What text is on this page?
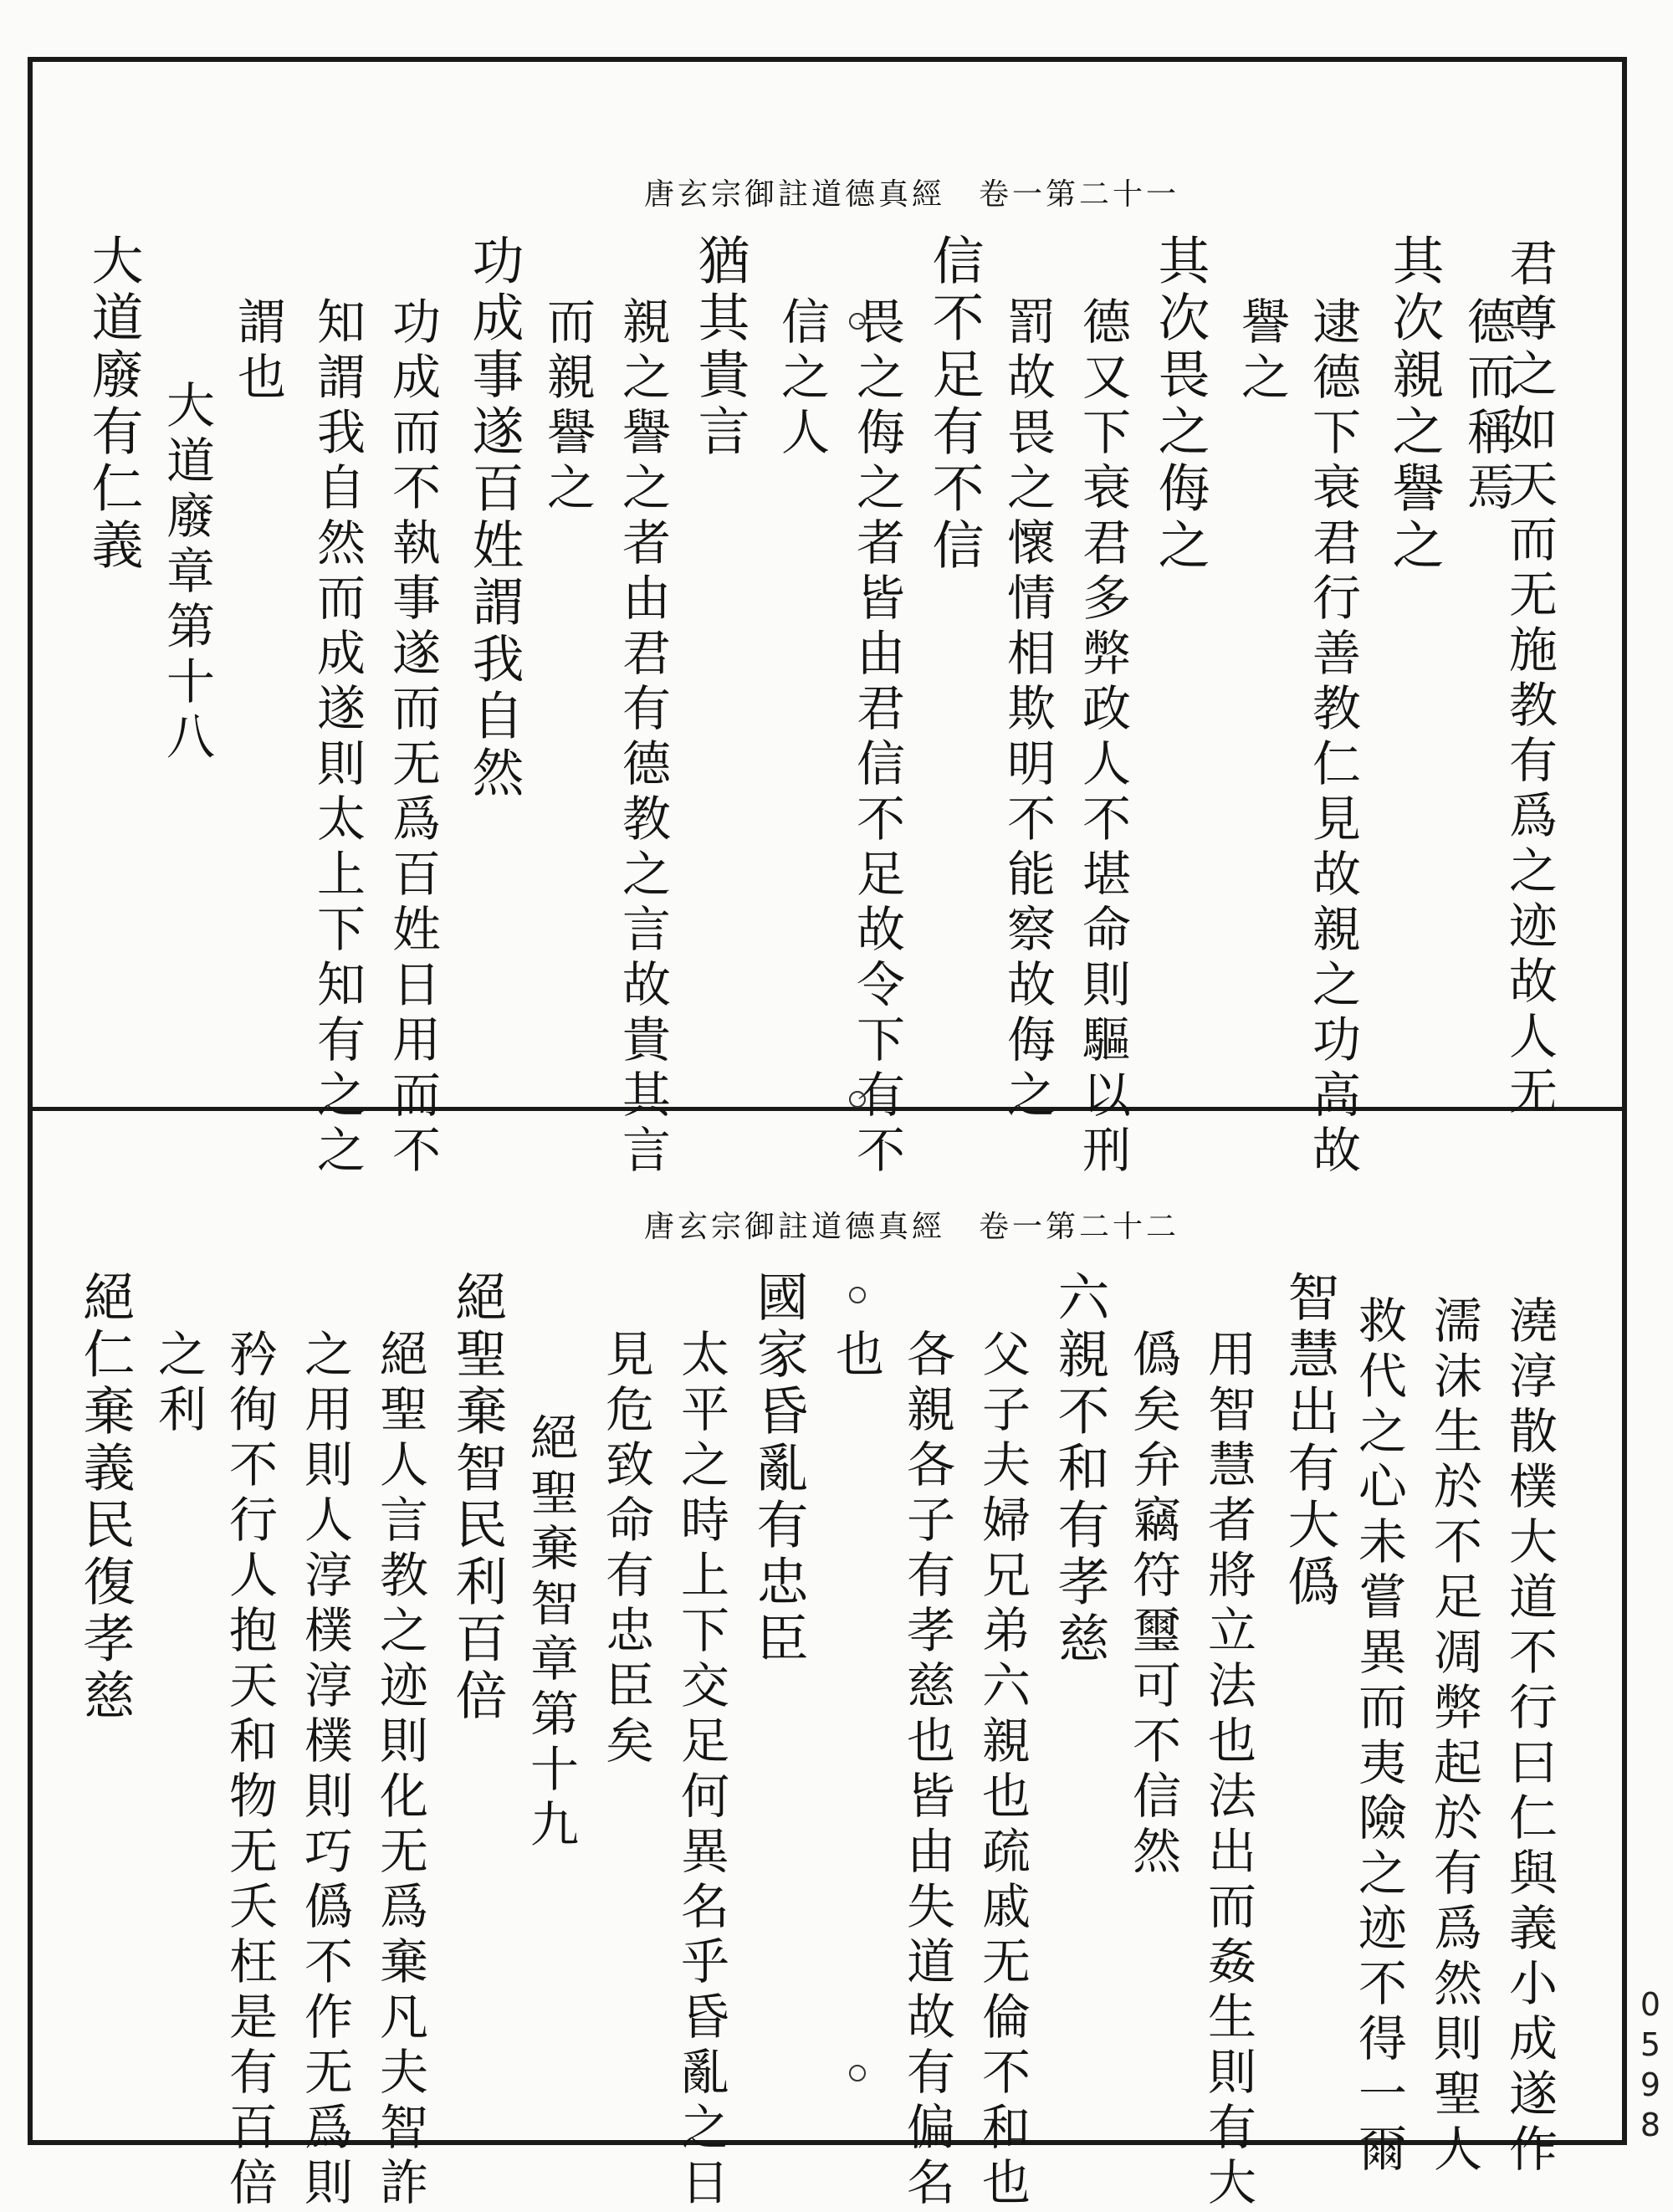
0598
唐玄宗御註道德真經　卷一第二十一
君尊之如天而无施教有爲之迹故人无
德而稱焉
其次親之譽之
逮德下衰君行善教仁見故親之功高故
譽之
其次畏之侮之
德又下衰君多弊政人不堪命則驅以刑
罰故畏之懷情相欺明不能察故侮之
信不足有不信
畏之侮之者皆由君信不足故令下有不
信之人
猶其貴言
親之譽之者由君有德教之言故貴其言
而親譽之
功成事遂百姓謂我自然
功成而不執事遂而无爲百姓日用而不
知謂我自然而成遂則太上下知有之之
謂也
大道廢章第十八
大道廢有仁義
唐玄宗御註道德真經　卷一第二十二
澆淳散樸大道不行曰仁與義小成遂作
濡沫生於不足凋弊起於有爲然則聖人
救代之心未嘗異而夷險之迹不得一爾
智慧出有大僞
用智慧者將立法也法出而姦生則有大
僞矣弁竊符璽可不信然
六親不和有孝慈
父子夫婦兄弟六親也疏戚无倫不和也
各親各子有孝慈也皆由失道故有偏名
也
國家昏亂有忠臣
太平之時上下交足何異名乎昏亂之日
見危致命有忠臣矣
絕聖棄智章第十九
絕聖棄智民利百倍
絕聖人言教之迹則化无爲棄凡夫智詐
之用則人淳樸淳樸則巧僞不作无爲則
矜徇不行人抱天和物无夭枉是有百倍
之利
絕仁棄義民復孝慈
